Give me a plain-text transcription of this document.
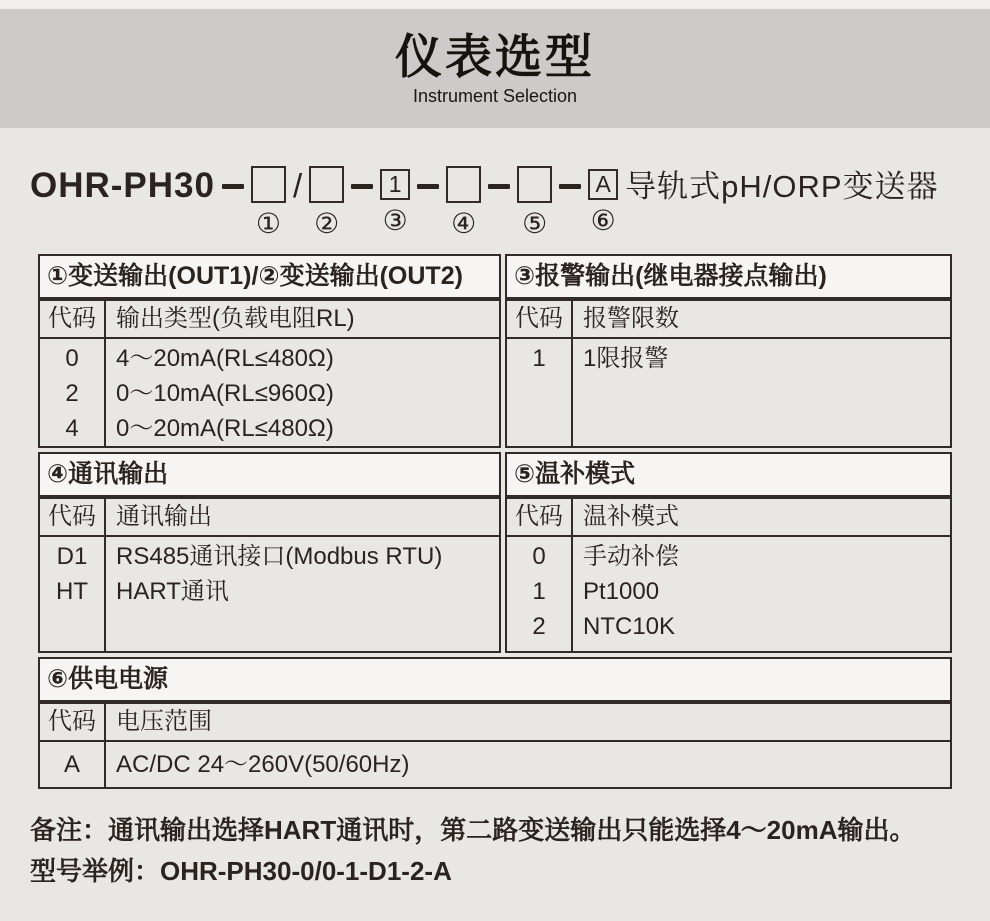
仪表选型
Instrument Selection
OHR-PH30
①
/
②
1
③ ④ ⑤
A
⑥
导轨式pH/ORP变送器
①变送输出(OUT1)/②变送输出(OUT2)
代码 输出类型(负载电阻RL)
0
2
4
4～20mA(RL≤480Ω)
0～10mA(RL≤960Ω)
0～20mA(RL≤480Ω)
③报警输出(继电器接点输出)
代码 报警限数
1	1限报警
④通讯输出
代码 通讯输出
D1
HT
RS485通讯接口(Modbus RTU)
HART通讯
⑤温补模式
代码 温补模式
0
1
2
手动补偿
Pt1000
NTC10K
⑥供电电源
代码 电压范围
A	AC/DC 24～260V(50/60Hz)
备注：通讯输出选择HART通讯时，第二路变送输出只能选择4～20mA输出。
型号举例：OHR-PH30-0/0-1-D1-2-A
